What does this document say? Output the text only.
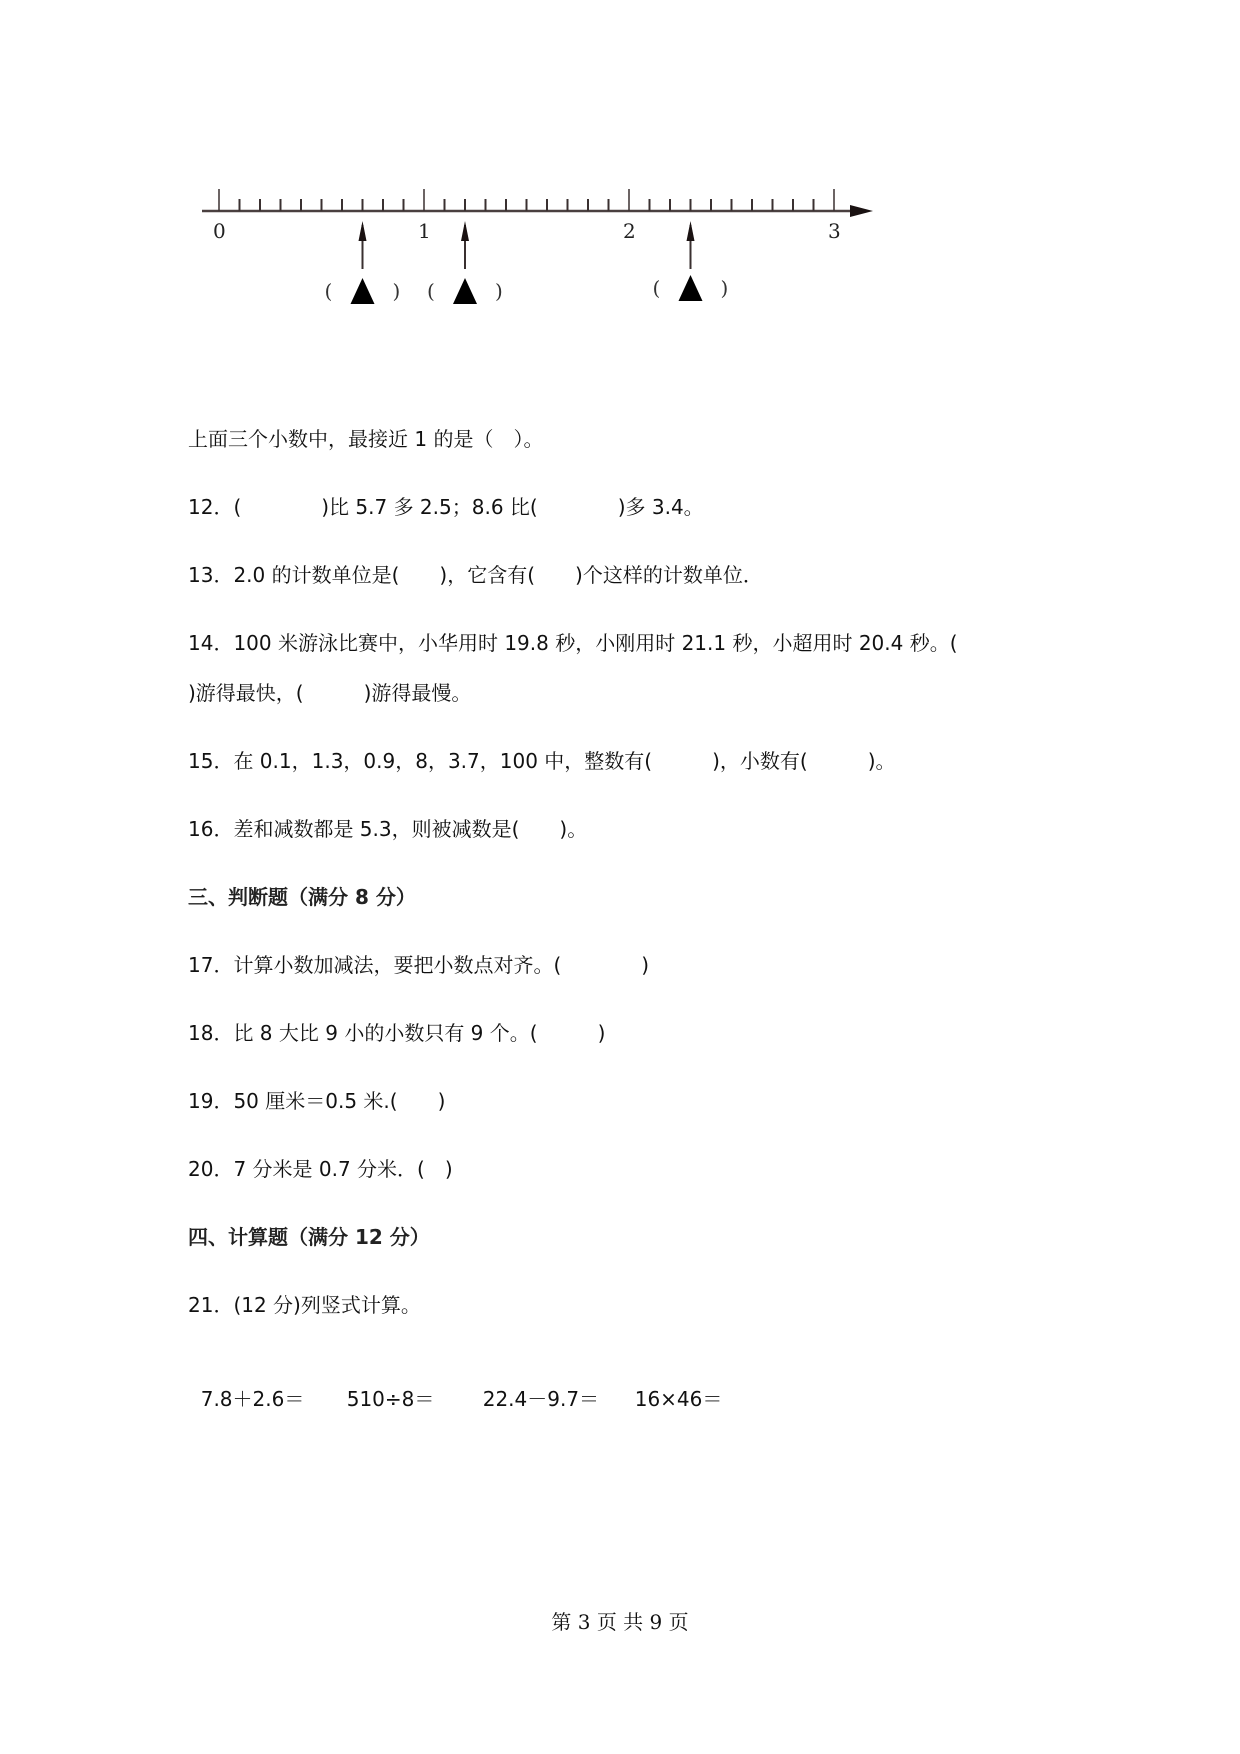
0	1	2	3
(	) (	)	(	)
上面三个小数中，最接近 1 的是（　）。
12．(　　　　)比 5.7 多 2.5；8.6 比(　　　　)多 3.4。
13．2.0 的计数单位是(　　)，它含有(　　)个这样的计数单位．
14．100 米游泳比赛中，小华用时 19.8 秒，小刚用时 21.1 秒，小超用时 20.4 秒。(
)游得最快，(　　　)游得最慢。
15．在 0.1，1.3，0.9，8，3.7，100 中，整数有(　　　)，小数有(　　　)。
16．差和减数都是 5.3，则被减数是(　　)。
三、判断题（满分 8 分）
17．计算小数加减法，要把小数点对齐。(　　　　)
18．比 8 大比 9 小的小数只有 9 个。(　　　)
19．50 厘米＝0.5 米.(　　)
20．7 分米是 0.7 分米．(　)
四、计算题（满分 12 分）
21．(12 分)列竖式计算。

7.8＋2.6＝ 510÷8＝ 22.4－9.7＝ 16×46＝

第 3 页 共 9 页
